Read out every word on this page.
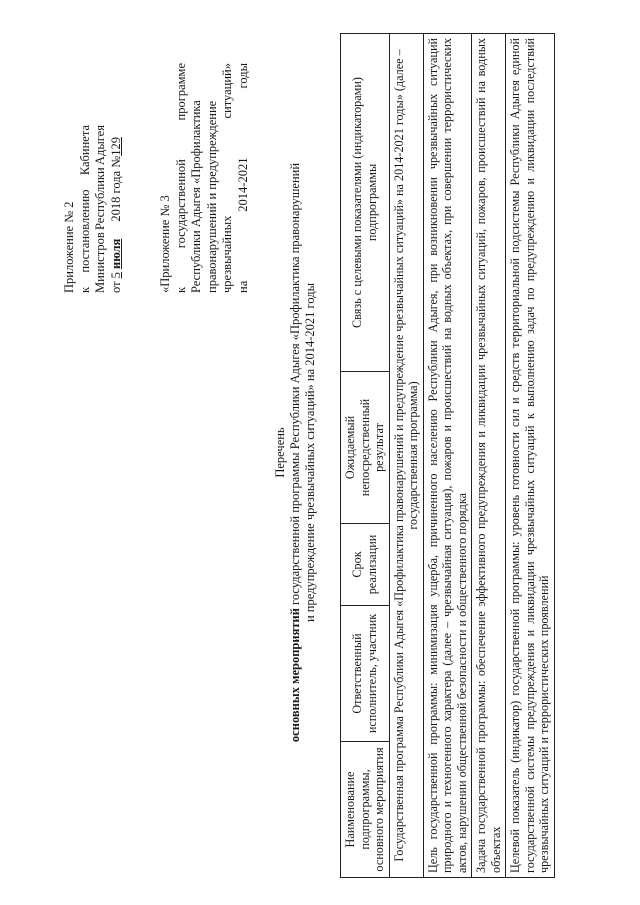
Приложение № 2 к
постановлению
Кабинета
Министров
Республики
Адыгея
от 5 июля 2018 года №129
«Приложение № 3 к
государственной
программе
Республики Адыгея «Профилактика правонарушений и предупреждение чрезвычайных
ситуаций»
на
2014-2021
годы
Перечень
основных мероприятий государственной программы Республики Адыгея «Профилактика правонарушений и предупреждение чрезвычайных ситуаций» на 2014-2021 годы
Наименование подпрограммы, основного мероприятия	Ответственный исполнитель, участник	Срок реализации	Ожидаемый непосредственный результат	Связь с целевыми показателями (индикаторами) подпрограммы
Государственная программа Республики Адыгея «Профилактика правонарушений и предупреждение чрезвычайных ситуаций» на 2014-2021 годы» (далее – государственная программа)
Цель государственной программы: минимизация ущерба, причиненного населению Республики Адыгея, при возникновении чрезвычайных ситуаций природного и техногенного характера (далее – чрезвычайная ситуация), пожаров и происшествий на водных объектах, при совершении террористических актов, нарушении общественной безопасности и общественного порядка
Задача государственной программы: обеспечение эффективного предупреждения и ликвидации чрезвычайных ситуаций, пожаров, происшествий на водных объектах
Целевой показатель (индикатор) государственной программы: уровень готовности сил и средств территориальной подсистемы Республики Адыгея единой государственной системы предупреждения и ликвидации чрезвычайных ситуаций к выполнению задач по предупреждению и ликвидации последствий чрезвычайных ситуаций и террористических проявлений
